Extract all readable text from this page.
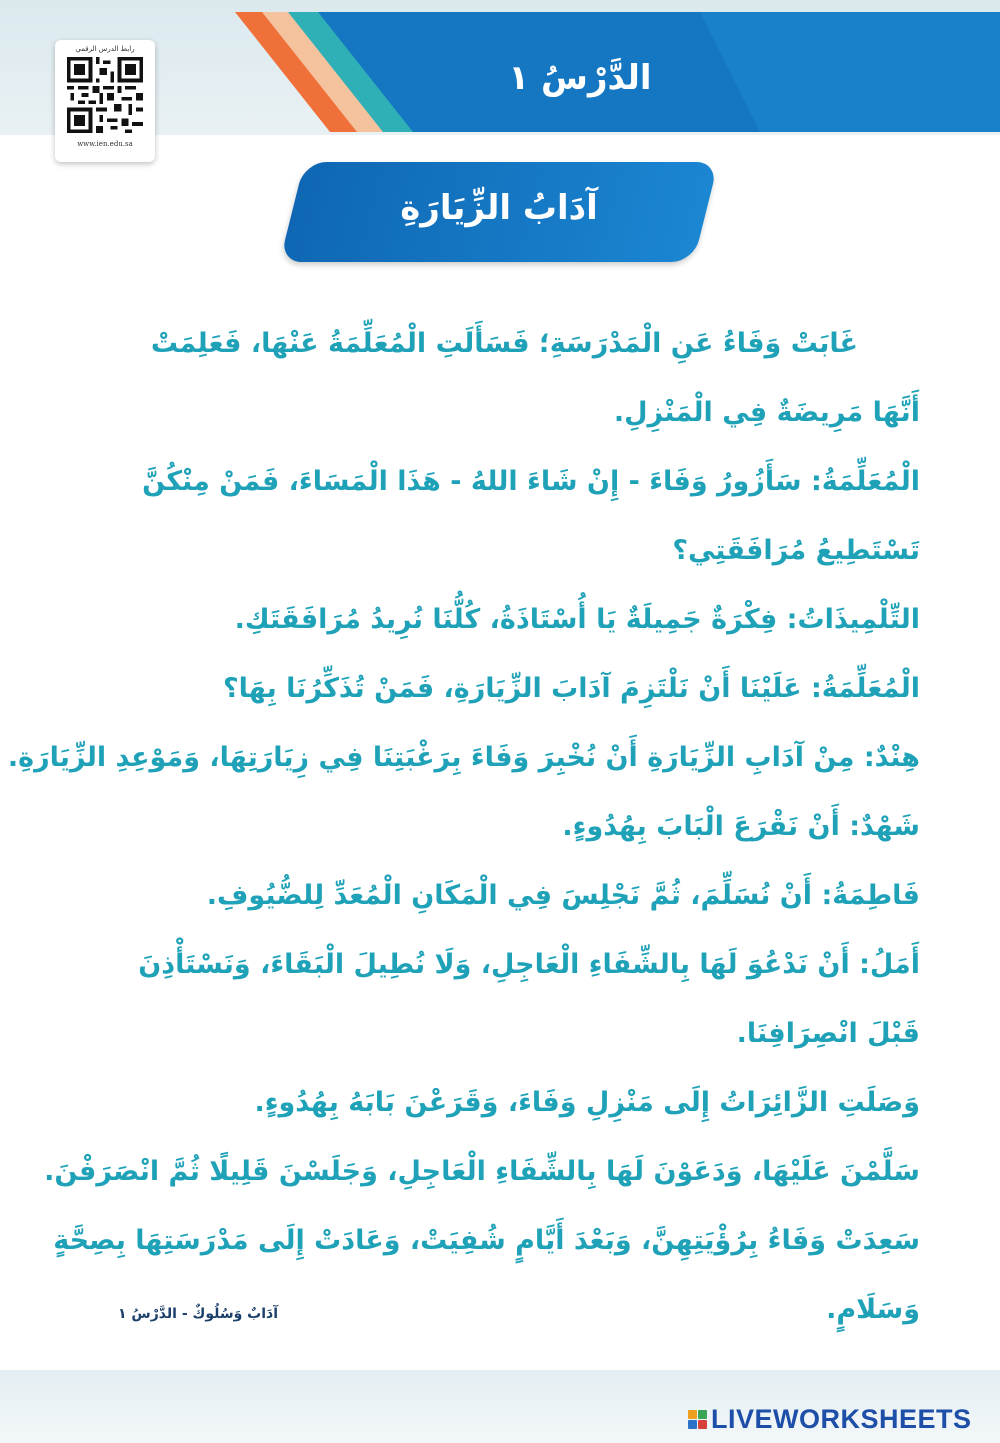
الدَّرْسُ ١
رابط الدرس الرقمي
www.ien.edu.sa
آدَابُ الزِّيَارَةِ
غَابَتْ وَفَاءُ عَنِ الْمَدْرَسَةِ؛ فَسَأَلَتِ الْمُعَلِّمَةُ عَنْهَا، فَعَلِمَتْ
أَنَّهَا مَرِيضَةٌ فِي الْمَنْزِلِ.
الْمُعَلِّمَةُ: سَأَزُورُ وَفَاءَ - إِنْ شَاءَ اللهُ - هَذَا الْمَسَاءَ، فَمَنْ مِنْكُنَّ
تَسْتَطِيعُ مُرَافَقَتِي؟
التِّلْمِيذَاتُ: فِكْرَةٌ جَمِيلَةٌ يَا أُسْتَاذَةُ، كُلُّنَا نُرِيدُ مُرَافَقَتَكِ.
الْمُعَلِّمَةُ: عَلَيْنَا أَنْ نَلْتَزِمَ آدَابَ الزِّيَارَةِ، فَمَنْ تُذَكِّرُنَا بِهَا؟
هِنْدٌ: مِنْ آدَابِ الزِّيَارَةِ أَنْ نُخْبِرَ وَفَاءَ بِرَغْبَتِنَا فِي زِيَارَتِهَا، وَمَوْعِدِ الزِّيَارَةِ.
شَهْدٌ: أَنْ نَقْرَعَ الْبَابَ بِهُدُوءٍ.
فَاطِمَةُ: أَنْ نُسَلِّمَ، ثُمَّ نَجْلِسَ فِي الْمَكَانِ الْمُعَدِّ لِلضُّيُوفِ.
أَمَلُ: أَنْ نَدْعُوَ لَهَا بِالشِّفَاءِ الْعَاجِلِ، وَلَا نُطِيلَ الْبَقَاءَ، وَنَسْتَأْذِنَ
قَبْلَ انْصِرَافِنَا.
وَصَلَتِ الزَّائِرَاتُ إِلَى مَنْزِلِ وَفَاءَ، وَقَرَعْنَ بَابَهُ بِهُدُوءٍ.
سَلَّمْنَ عَلَيْهَا، وَدَعَوْنَ لَهَا بِالشِّفَاءِ الْعَاجِلِ، وَجَلَسْنَ قَلِيلًا ثُمَّ انْصَرَفْنَ.
سَعِدَتْ وَفَاءُ بِرُؤْيَتِهِنَّ، وَبَعْدَ أَيَّامٍ شُفِيَتْ، وَعَادَتْ إِلَى مَدْرَسَتِهَا بِصِحَّةٍ
وَسَلَامٍ.
آدَابٌ وَسُلُوكٌ - الدَّرْسُ ١
LIVEWORKSHEETS
